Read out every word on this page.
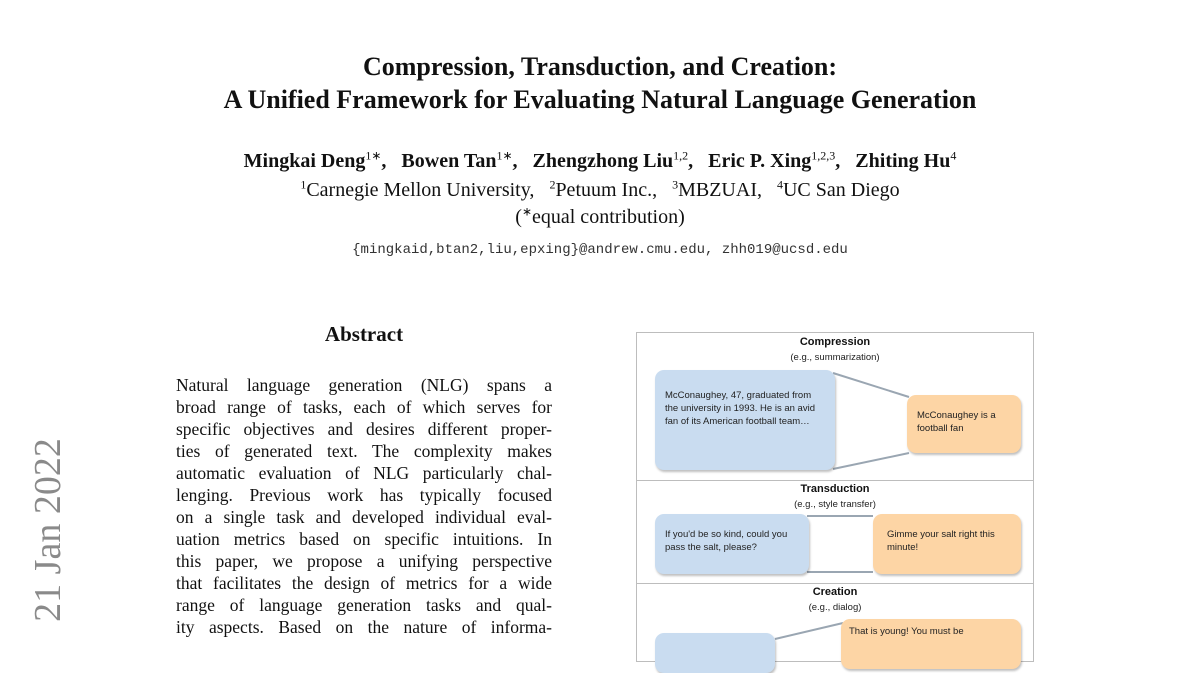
21 Jan 2022
Compression, Transduction, and Creation:
A Unified Framework for Evaluating Natural Language Generation
Mingkai Deng$^{1∗}$, Bowen Tan$^{1∗}$, Zhengzhong Liu$^{1,2}$, Eric P. Xing$^{1,2,3}$, Zhiting Hu$^4$
$^1$Carnegie Mellon University, $^2$Petuum Inc., $^3$MBZUAI, $^4$UC San Diego
(∗equal contribution)
{mingkaid,btan2,liu,epxing}@andrew.cmu.edu, zhh019@ucsd.edu
Abstract
Natural language generation (NLG) spans a
broad range of tasks, each of which serves for
specific objectives and desires different proper-
ties of generated text. The complexity makes
automatic evaluation of NLG particularly chal-
lenging. Previous work has typically focused
on a single task and developed individual eval-
uation metrics based on specific intuitions. In
this paper, we propose a unifying perspective
that facilitates the design of metrics for a wide
range of language generation tasks and qual-
ity aspects. Based on the nature of informa-
Compression
(e.g., summarization)
McConaughey, 47, graduated from the university in 1993. He is an avid fan of its American football team…
McConaughey is a football fan
Transduction
(e.g., style transfer)
If you'd be so kind, could you pass the salt, please?
Gimme your salt right this minute!
Creation
(e.g., dialog)
That is young! You must be
